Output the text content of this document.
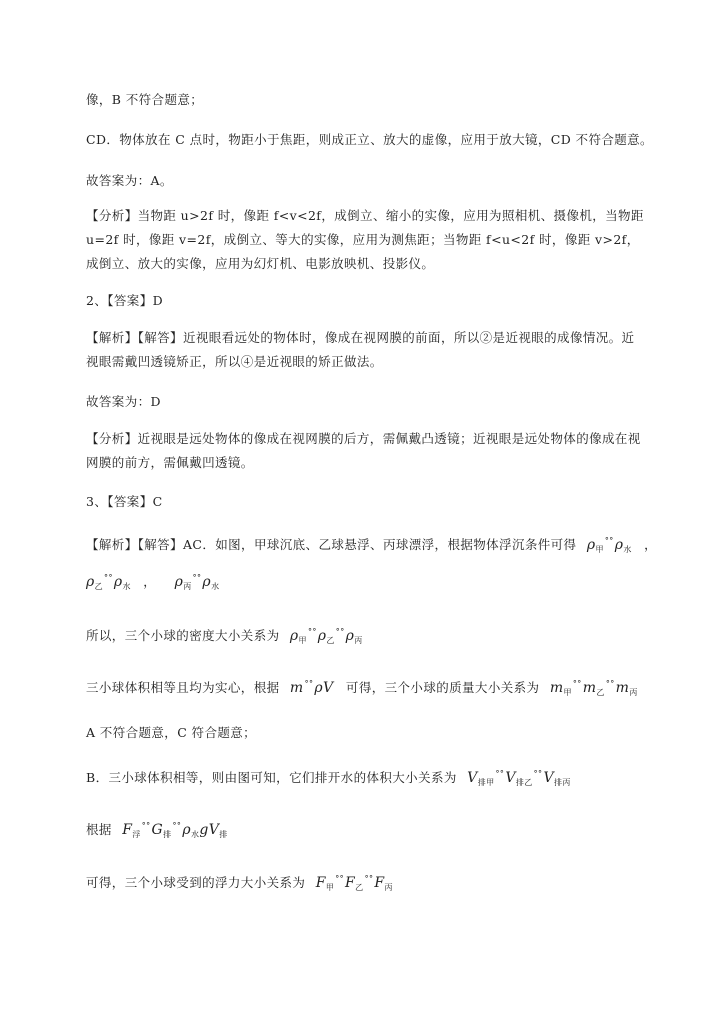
像，B 不符合题意；
CD．物体放在 C 点时，物距小于焦距，则成正立、放大的虚像，应用于放大镜，CD 不符合题意。
故答案为：A。
【分析】当物距 u>2f 时，像距 f<v<2f，成倒立、缩小的实像，应用为照相机、摄像机，当物距 u=2f 时，像距 v=2f，成倒立、等大的实像，应用为测焦距；当物距 f<u<2f 时，像距 v>2f，成倒立、放大的实像，应用为幻灯机、电影放映机、投影仪。
2、【答案】D
【解析】【解答】近视眼看远处的物体时，像成在视网膜的前面，所以②是近视眼的成像情况。近视眼需戴凹透镜矫正，所以④是近视眼的矫正做法。
故答案为：D
【分析】近视眼是远处物体的像成在视网膜的后方，需佩戴凸透镜；近视眼是远处物体的像成在视网膜的前方，需佩戴凹透镜。
3、【答案】C
【解析】【解答】AC．如图，甲球沉底、乙球悬浮、丙球漂浮，根据物体浮沉条件可得 $\rho_甲^{^\circ^\circ}\rho_水$ ，
$\rho_乙^{^\circ^\circ}\rho_水$ ， $\rho_丙^{^\circ^\circ}\rho_水$
所以，三个小球的密度大小关系为 $\rho_甲^{^\circ^\circ}\rho_乙^{^\circ^\circ}\rho_丙$
三小球体积相等且均为实心，根据 m°°ρV 可得，三个小球的质量大小关系为 $m_甲^{^\circ^\circ}m_乙^{^\circ^\circ}m_丙$
A 不符合题意，C 符合题意；
B．三小球体积相等，则由图可知，它们排开水的体积大小关系为 $V_{排甲}^{^\circ^\circ}V_{排乙}^{^\circ^\circ}V_{排丙}$
根据 $F_浮^{^\circ^\circ}G_排^{^\circ^\circ}\rho_水gV_排$
可得，三个小球受到的浮力大小关系为 $F_甲^{^\circ^\circ}F_乙^{^\circ^\circ}F_丙$
